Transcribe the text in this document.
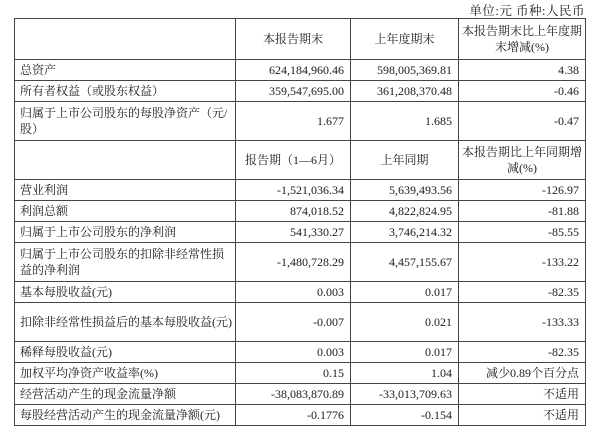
单位:元 币种:人民币
	本报告期末	上年度期末	本报告期末比上年度期末增减(%)
总资产	624,184,960.46	598,005,369.81	4.38
所有者权益（或股东权益）	359,547,695.00	361,208,370.48	-0.46
归属于上市公司股东的每股净资产（元/股）	1.677	1.685	-0.47
	报告期（1—6月）	上年同期	本报告期比上年同期增减(%)
营业利润	-1,521,036.34	5,639,493.56	-126.97
利润总额	874,018.52	4,822,824.95	-81.88
归属于上市公司股东的净利润	541,330.27	3,746,214.32	-85.55
归属于上市公司股东的扣除非经常性损益的净利润	-1,480,728.29	4,457,155.67	-133.22
基本每股收益(元)	0.003	0.017	-82.35
扣除非经常性损益后的基本每股收益(元)	-0.007	0.021	-133.33
稀释每股收益(元)	0.003	0.017	-82.35
加权平均净资产收益率(%)	0.15	1.04	减少0.89个百分点
经营活动产生的现金流量净额	-38,083,870.89	-33,013,709.63	不适用
每股经营活动产生的现金流量净额(元)	-0.1776	-0.154	不适用
